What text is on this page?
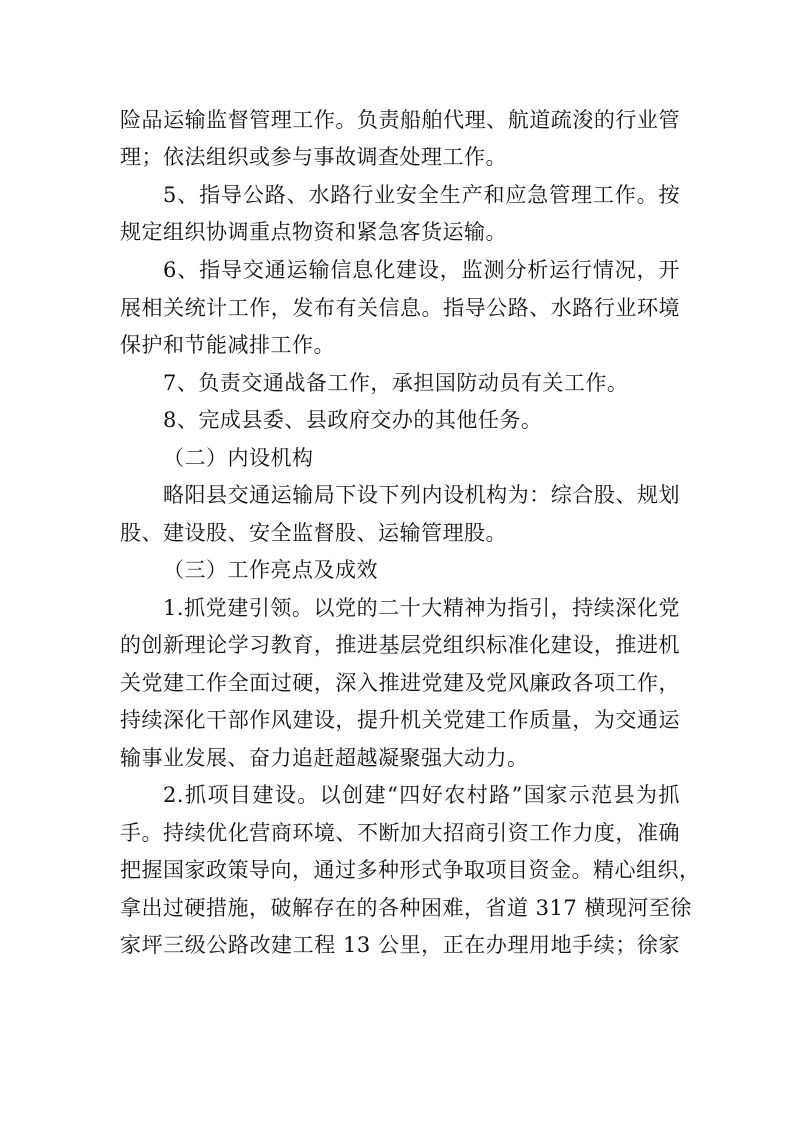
险品运输监督管理工作。负责船舶代理、航道疏浚的行业管
理；依法组织或参与事故调查处理工作。
5、指导公路、水路行业安全生产和应急管理工作。按
规定组织协调重点物资和紧急客货运输。
6、指导交通运输信息化建设，监测分析运行情况，开
展相关统计工作，发布有关信息。指导公路、水路行业环境
保护和节能减排工作。
7、负责交通战备工作，承担国防动员有关工作。
8、完成县委、县政府交办的其他任务。
（二）内设机构
略阳县交通运输局下设下列内设机构为：综合股、规划
股、建设股、安全监督股、运输管理股。
（三）工作亮点及成效
1.抓党建引领。以党的二十大精神为指引，持续深化党
的创新理论学习教育，推进基层党组织标准化建设，推进机
关党建工作全面过硬，深入推进党建及党风廉政各项工作，
持续深化干部作风建设，提升机关党建工作质量，为交通运
输事业发展、奋力追赶超越凝聚强大动力。
2.抓项目建设。以创建“四好农村路”国家示范县为抓
手。持续优化营商环境、不断加大招商引资工作力度，准确
把握国家政策导向，通过多种形式争取项目资金。精心组织，
拿出过硬措施，破解存在的各种困难，省道 317 横现河至徐
家坪三级公路改建工程 13 公里，正在办理用地手续；徐家
